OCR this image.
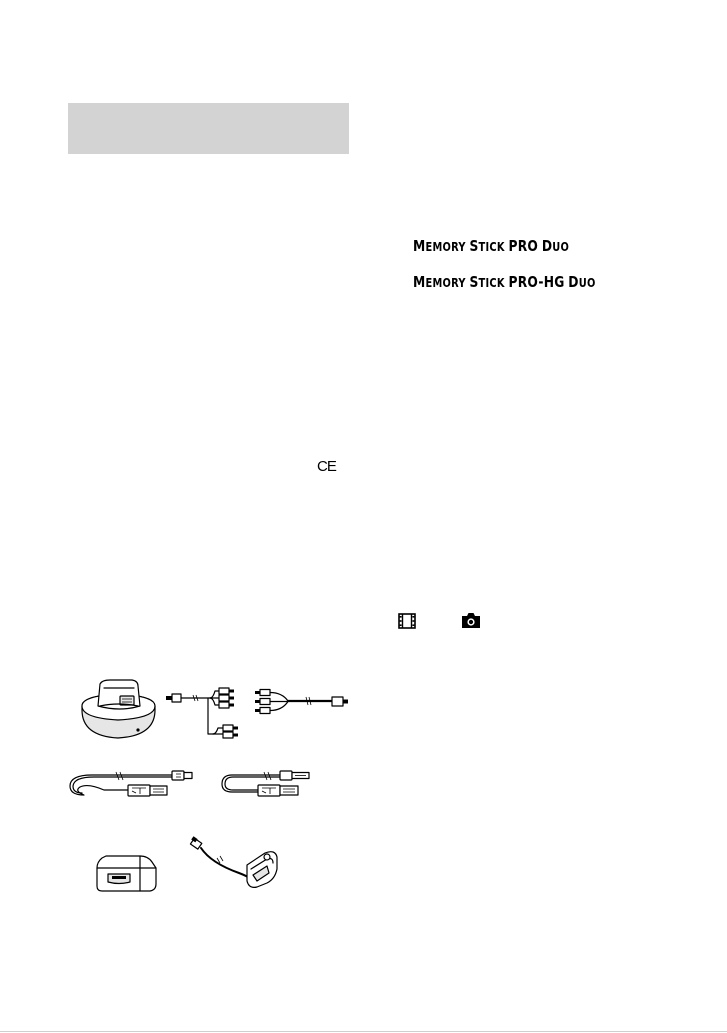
MEMORY STICK PRO DUO
MEMORY STICK PRO-HG DUO
CE
